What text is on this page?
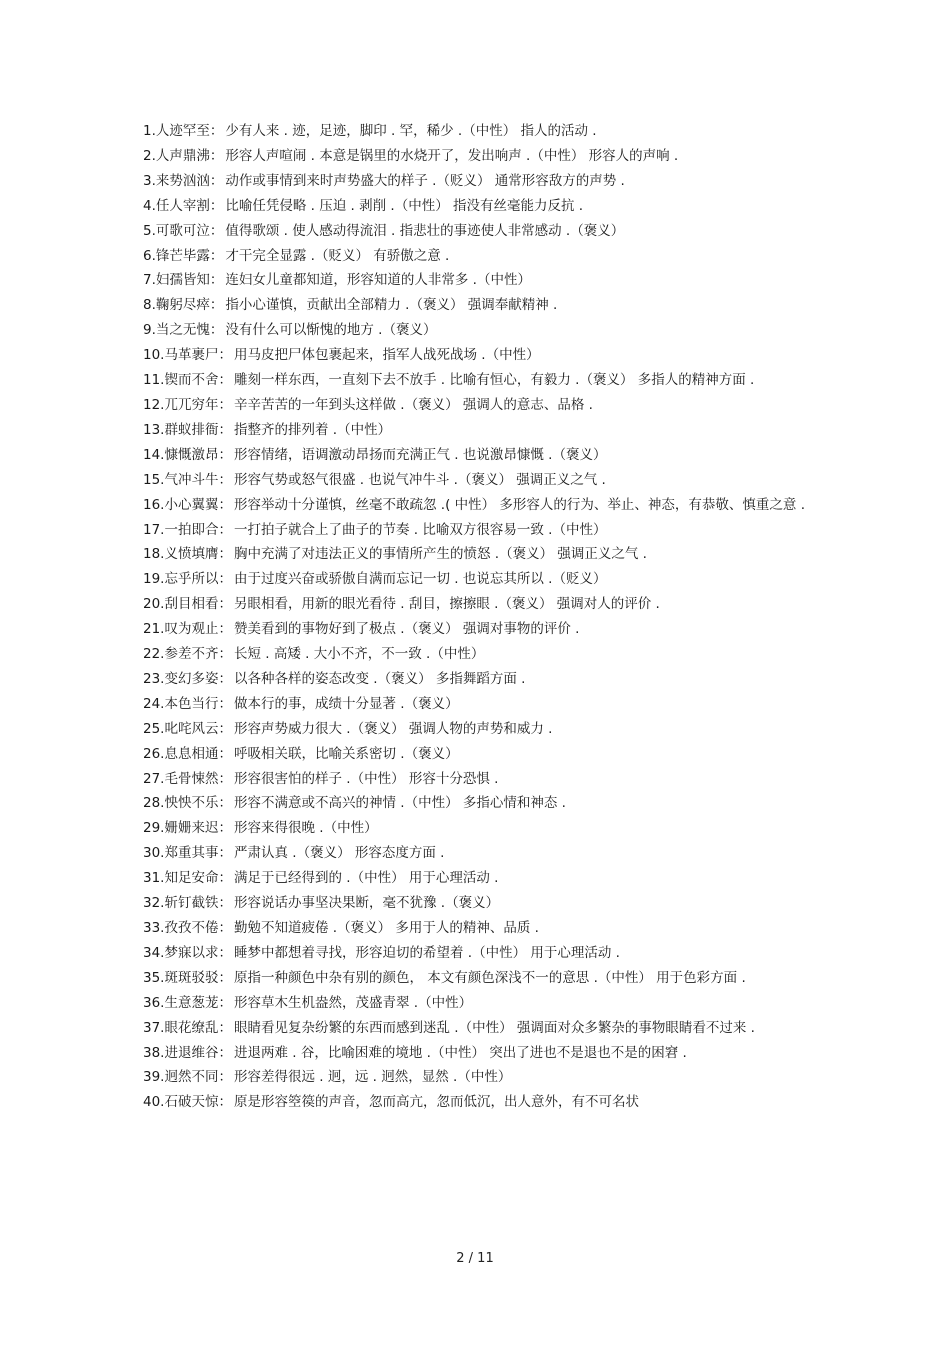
1. 人迹罕至 ： 少有人来 . 迹，足迹，脚印 . 罕，稀少 .（中性） 指人的活动 .
2. 人声鼎沸 ： 形容人声喧闹 . 本意是锅里的水烧开了，发出响声 .（中性） 形容人的声响 .
3. 来势汹汹 ： 动作或事情到来时声势盛大的样子 .（贬义） 通常形容敌方的声势 .
4. 任人宰割 ： 比喻任凭侵略 . 压迫 . 剥削 .（中性） 指没有丝毫能力反抗 .
5. 可歌可泣 ： 值得歌颂 . 使人感动得流泪 . 指悲壮的事迹使人非常感动 .（褒义）
6. 锋芒毕露 ： 才干完全显露 .（贬义） 有骄傲之意 .
7. 妇孺皆知 ： 连妇女儿童都知道，形容知道的人非常多 .（中性）
8. 鞠躬尽瘁 ： 指小心谨慎，贡献出全部精力 .（褒义） 强调奉献精神 .
9. 当之无愧 ： 没有什么可以惭愧的地方 .（褒义）
10. 马革裹尸 ： 用马皮把尸体包裹起来，指军人战死战场 .（中性）
11.锲而不舍： 雕刻一样东西，一直刻下去不放手 . 比喻有恒心，有毅力 .（褒义） 多指人的精神方面 .
12. 兀兀穷年 ： 辛辛苦苦的一年到头这样做 .（褒义） 强调人的意志、品格 .
13. 群蚁排衙 ： 指整齐的排列着 .（中性）
14. 慷慨激昂 ： 形容情绪，语调激动昂扬而充满正气 . 也说激昂慷慨 .（褒义）
15. 气冲斗牛 ： 形容气势或怒气很盛 . 也说气冲牛斗 .（褒义） 强调正义之气 .
16. 小心翼翼 ： 形容举动十分谨慎，丝毫不敢疏忽 .( 中性） 多形容人的行为、举止、神态，有恭敬、慎重之意 .
17. 一拍即合 ： 一打拍子就合上了曲子的节奏 . 比喻双方很容易一致 .（中性）
18. 义愤填膺 ： 胸中充满了对违法正义的事情所产生的愤怒 .（褒义） 强调正义之气 .
19. 忘乎所以 ： 由于过度兴奋或骄傲自满而忘记一切 . 也说忘其所以 .（贬义）
20. 刮目相看 ： 另眼相看，用新的眼光看待 . 刮目，擦擦眼 .（褒义） 强调对人的评价 .
21. 叹为观止 ： 赞美看到的事物好到了极点 .（褒义） 强调对事物的评价 .
22. 参差不齐 ： 长短 . 高矮 . 大小不齐，不一致 .（中性）
23. 变幻多姿 ： 以各种各样的姿态改变 .（褒义） 多指舞蹈方面 .
24. 本色当行 ： 做本行的事，成绩十分显著 .（褒义）
25. 叱咤风云 ： 形容声势威力很大 .（褒义） 强调人物的声势和威力 .
26. 息息相通 ： 呼吸相关联，比喻关系密切 .（褒义）
27. 毛骨悚然 ： 形容很害怕的样子 .（中性） 形容十分恐惧 .
28. 怏怏不乐 ： 形容不满意或不高兴的神情 .（中性） 多指心情和神态 .
29. 姗姗来迟 ： 形容来得很晚 .（中性）
30. 郑重其事 ： 严肃认真 .（褒义） 形容态度方面 .
31. 知足安命 ： 满足于已经得到的 .（中性） 用于心理活动 .
32. 斩钉截铁 ： 形容说话办事坚决果断，毫不犹豫 .（褒义）
33. 孜孜不倦 ： 勤勉不知道疲倦 .（褒义） 多用于人的精神、品质 .
34. 梦寐以求 ： 睡梦中都想着寻找，形容迫切的希望着 .（中性） 用于心理活动 .
35. 斑斑驳驳 ： 原指一种颜色中杂有别的颜色， 本文有颜色深浅不一的意思 .（中性） 用于色彩方面 .
36. 生意葱茏 ： 形容草木生机盎然，茂盛青翠 .（中性）
37. 眼花缭乱 ： 眼睛看见复杂纷繁的东西而感到迷乱 .（中性） 强调面对众多繁杂的事物眼睛看不过来 .
38. 进退维谷 ： 进退两难 . 谷，比喻困难的境地 .（中性） 突出了进也不是退也不是的困窘 .
39. 迥然不同 ： 形容差得很远 . 迥，远 . 迥然，显然 .（中性）
40. 石破天惊 ： 原是形容箜篌的声音，忽而高亢，忽而低沉，出人意外，有不可名状
2 / 11
